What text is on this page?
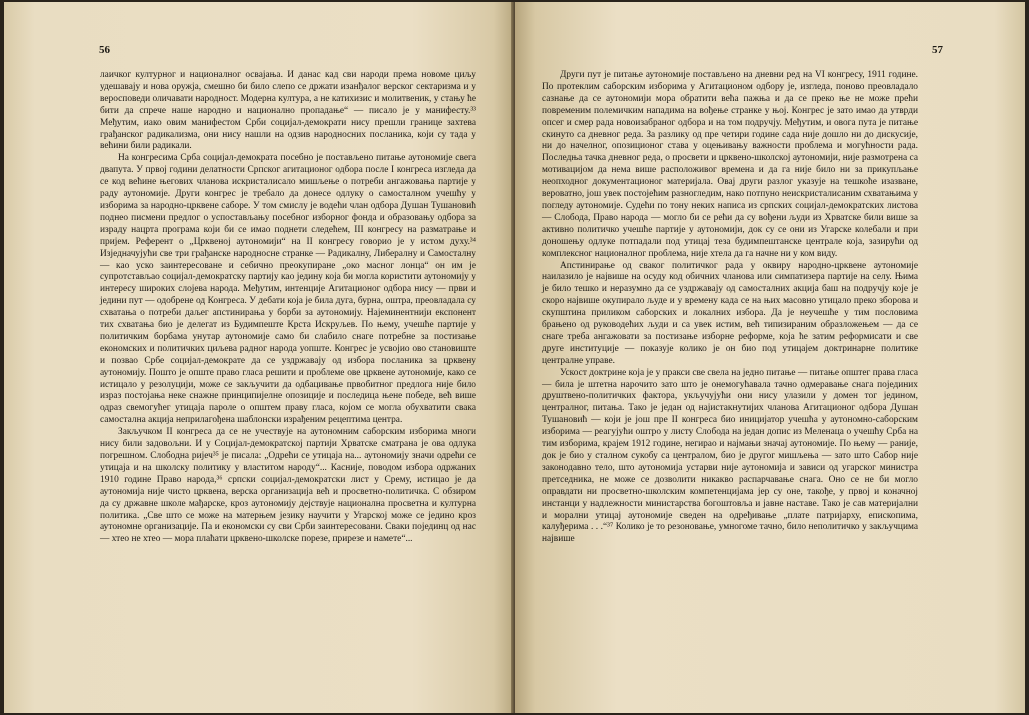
56

лаичког културног и националног освајања. И данас кад сви народи према новоме циљу удешавају и нова оружја, смешно би било слепо се држати изанђалог верског сектаризма и у веросповеди оличавати народност. Модерна култура, а не катихизис и молитвеник, у стању ће бити да спрече наше народно и национално пропадање“ — писало је у манифесту.³³ Међутим, иако овим манифестом Срби социјал-демократи нису прешли границе захтева грађанског радикализма, они нису нашли на одзив народносних посланика, који су тада у већини били радикали.

На конгресима Срба социјал-демократа посебно је постављено питање аутономије свега двапута. У првој години делатности Српског агитационог одбора после I конгреса изгледа да се код већине његових чланова искристалисало мишљење о потреби ангажовања партије у раду аутономије. Други конгрес је требало да донесе одлуку о самосталном учешћу у изборима за народно-црквене саборе. У том смислу је водећи члан одбора Душан Тушановић поднео писмени предлог о успостављању посебног изборног фонда и образовању одбора за израду нацрта програма који би се имао поднети следећем, III конгресу на разматрање и пријем. Референт о „Црквеној аутономији“ на II конгресу говорио је у истом духу.³⁴ Изједначујући све три грађанске народносне странке — Радикалну, Либералну и Самосталну — као уско заинтересоване и себично преокупиране „око масног лонца“ он им је супротстављао социјал-демократску партију као једину која би могла користити аутономију у интересу широких слојева народа. Међутим, интенције Агитационог одбора нису — први и једини пут — одобрене од Конгреса. У дебати која је била дуга, бурна, оштра, преовладала су схватања о потреби даљег апстинирања у борби за аутономију. Најеминентнији експонент тих схватања био је делегат из Будимпеште Крста Искруљев. По њему, учешће партије у политичким борбама унутар аутономије само би слабило снаге потребне за постизање економских и политичких циљева радног народа уопште. Конгрес је усвојио ово становиште и позвао Србе социјал-демократе да се уздржавају од избора посланика за црквену аутономију. Пошто је опште право гласа решити и проблеме ове црквене аутономије, како се истицало у резолуцији, може се закључити да одбацивање првобитног предлога није било израз постојања неке снажне принципијелне опозиције и последица њене победе, већ више одраз свемогућег утицаја пароле о општем праву гласа, којом се могла обухватити свака самостална акција неприлагођена шаблонски израђеним рецептима центра.

Закључком II конгреса да се не учествује на аутономним саборским изборима многи нису били задовољни. И у Социјал-демократској партији Хрватске сматрана је ова одлука погрешном. Слободна ријеч³⁵ је писала: „Одрећи се утицаја на... аутономију значи одрећи се утицаја и на школску политику у властитом народу“... Касније, поводом избора одржаних 1910 године Право народа,³⁶ српски социјал-демократски лист у Срему, истицао је да аутономија није чисто црквена, верска организација већ и просветно-политичка. С обзиром да су државне школе мађарске, кроз аутономију дејствује национална просветна и културна политика. „Све што се може на матерњем језику научити у Угарској може се једино кроз аутономне организације. Па и економски су сви Срби заинтересовани. Сваки појединц од нас — хтео не хтео — мора плаћати црквено-школске порезе, прирезе и намете“...

57

Други пут је питање аутономије постављено на дневни ред на VI конгресу, 1911 године. По протеклим саборским изборима у Агитационом одбору је, изгледа, поново преовладало сазнање да се аутономији мора обратити већа пажња и да се преко ње не може прећи повременим полемичким нападима на вођење странке у њој. Конгрес је зато имао да утврди опсег и смер рада новоизабраног одбора и на том подручју. Међутим, и овога пута је питање скинуто са дневног реда. За разлику од пре четири године сада није дошло ни до дискусије, ни до начелног, опозиционог става у оцењивању важности проблема и могућности рада. Последња тачка дневног реда, о просвети и црквено-школској аутономији, није размотрена са мотивацијом да нема више расположивог времена и да га није било ни за прикупљање неопходног документационог материјала. Овај други разлог указује на тешкоће изазване, вероватно, још увек постојећим разногледим, нако потпуно неискристалисаним схватањима у погледу аутономије. Судећи по тону неких написа из српских социјал-демократских листова — Слобода, Право народа — могло би се рећи да су вођени људи из Хрватске били више за активно политичко учешће партије у аутономији, док су се они из Угарске колебали и при доношењу одлуке потпадали под утицај теза будимпештанске централе која, зазирући од комплексног националног проблема, није хтела да га начне ни у ком виду.

Апстинирање од сваког политичког рада у оквиру народно-црквене аутономије наилазило је највише на осуду код обичних чланова или симпатизера партије на селу. Њима је било тешко и неразумно да се уздржавају од самосталних акција баш на подручју које је скоро највише окупирало људе и у времену када се на њих масовно утицало преко зборова и скупштина приликом саборских и локалних избора. Да је неучешће у тим пословима брањено од руководећих људи и са увек истим, већ типизираним образложењем — да се снаге треба ангажовати за постизање изборне реформе, која ће затим реформисати и све друге институције — показује колико је он био под утицајем доктринарне политике централне управе.

Ускост доктрине која је у пракси све свела на једно питање — питање општег права гласа — била је штетна нарочито зато што је онемогућавала тачно одмеравање снага појединих друштвено-политичких фактора, укључујући они нису улазили у домен тог једином, централног, питања. Тако је један од најистакнутијих чланова Агитационог одбора Душан Тушановић — који је још пре II конгреса био иницијатор учешћа у аутономно-саборским изборима — реагујући оштро у листу Слобода на један допис из Меленаца о учешћу Срба на тим изборима, крајем 1912 године, негирао и најмањи значај аутономије. По њему — раније, док је био у сталном сукобу са централом, био је другог мишљења — зато што Сабор није законодавно тело, што аутономија устарви није аутономија и зависи од угарског министра претседника, не може се дозволити никакво распарчавање снага. Оно се не би могло оправдати ни просветно-школским компетенцијама јер су оне, такође, у првој и коначној инстанци у надлежности министарства богоштовља и јавне наставе. Тако је сав материјални и морални утицај аутономије сведен на одређивање „плате патријарху, епископима, калуђерима . . .“³⁷ Колико је то резоновање, умногоме тачно, било неполитичко у закључцима највише
